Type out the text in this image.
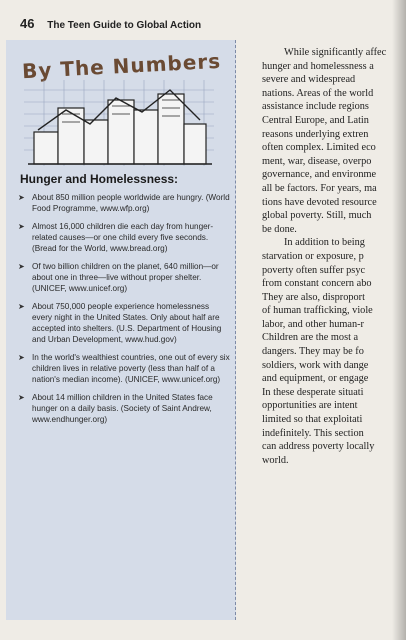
46 The Teen Guide to Global Action
By The Numbers
Hunger and Homelessness:
➤ About 850 million people worldwide are hungry. (World Food Programme, www.wfp.org)
➤ Almost 16,000 children die each day from hunger-related causes—or one child every five seconds. (Bread for the World, www.bread.org)
➤ Of two billion children on the planet, 640 million—or about one in three—live without proper shelter. (UNICEF, www.unicef.org)
➤ About 750,000 people experience homelessness every night in the United States. Only about half are accepted into shelters. (U.S. Department of Housing and Urban Development, www.hud.gov)
➤ In the world's wealthiest countries, one out of every six children lives in relative poverty (less than half of a nation's median income). (UNICEF, www.unicef.org)
➤ About 14 million children in the United States face hunger on a daily basis. (Society of Saint Andrew, www.endhunger.org)

While significantly affec

hunger and homelessness a

severe and widespread

nations. Areas of the world

assistance include regions

Central Europe, and Latin

reasons underlying extren

often complex. Limited eco

ment, war, disease, overpo

governance, and environme

all be factors. For years, ma

tions have devoted resource

global poverty. Still, much

be done.

In addition to being

starvation or exposure, p

poverty often suffer psyc

from constant concern abo

They are also, disproport

of human trafficking, viole

labor, and other human-r

Children are the most a

dangers. They may be fo

soldiers, work with dange

and equipment, or engage

In these desperate situati

opportunities are intent

limited so that exploitati

indefinitely. This section

can address poverty locally

world.
